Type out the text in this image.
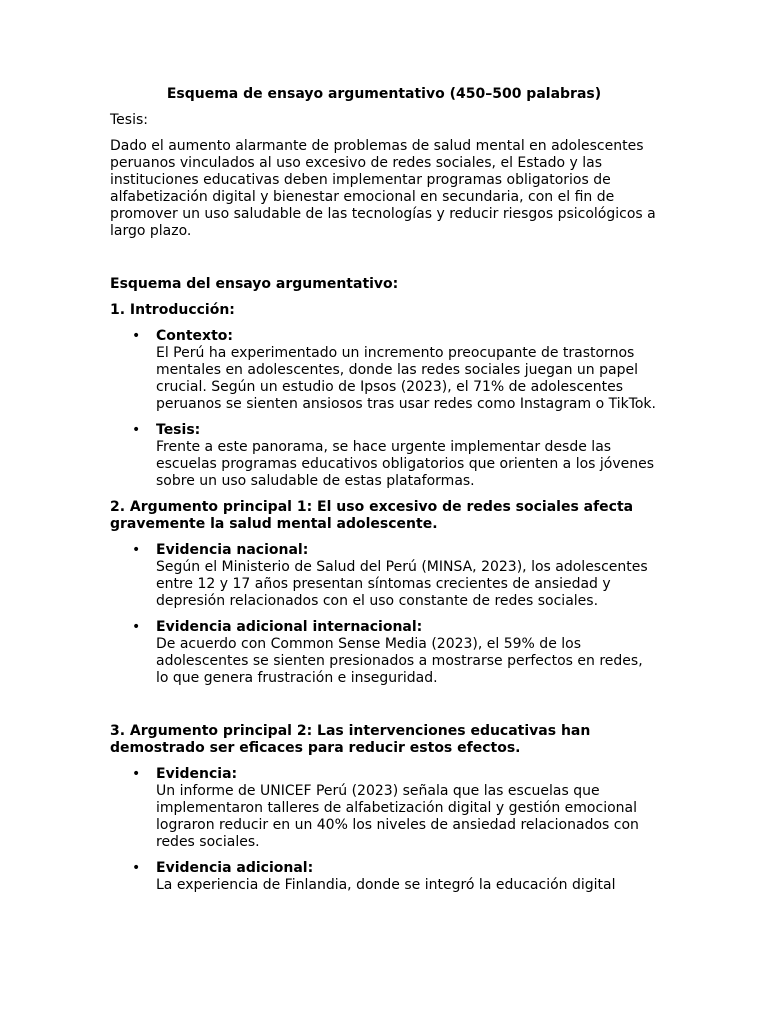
Esquema de ensayo argumentativo (450–500 palabras)

Tesis:

Dado el aumento alarmante de problemas de salud mental en adolescentes peruanos vinculados al uso excesivo de redes sociales, el Estado y las instituciones educativas deben implementar programas obligatorios de alfabetización digital y bienestar emocional en secundaria, con el fin de promover un uso saludable de las tecnologías y reducir riesgos psicológicos a largo plazo.

Esquema del ensayo argumentativo:

1. Introducción:

• Contexto:
El Perú ha experimentado un incremento preocupante de trastornos mentales en adolescentes, donde las redes sociales juegan un papel crucial. Según un estudio de Ipsos (2023), el 71% de adolescentes peruanos se sienten ansiosos tras usar redes como Instagram o TikTok.
• Tesis:
Frente a este panorama, se hace urgente implementar desde las escuelas programas educativos obligatorios que orienten a los jóvenes sobre un uso saludable de estas plataformas.

2. Argumento principal 1: El uso excesivo de redes sociales afecta gravemente la salud mental adolescente.

• Evidencia nacional:
Según el Ministerio de Salud del Perú (MINSA, 2023), los adolescentes entre 12 y 17 años presentan síntomas crecientes de ansiedad y depresión relacionados con el uso constante de redes sociales.
• Evidencia adicional internacional:
De acuerdo con Common Sense Media (2023), el 59% de los adolescentes se sienten presionados a mostrarse perfectos en redes, lo que genera frustración e inseguridad.

3. Argumento principal 2: Las intervenciones educativas han demostrado ser eficaces para reducir estos efectos.

• Evidencia:
Un informe de UNICEF Perú (2023) señala que las escuelas que implementaron talleres de alfabetización digital y gestión emocional lograron reducir en un 40% los niveles de ansiedad relacionados con redes sociales.
• Evidencia adicional:
La experiencia de Finlandia, donde se integró la educación digital
